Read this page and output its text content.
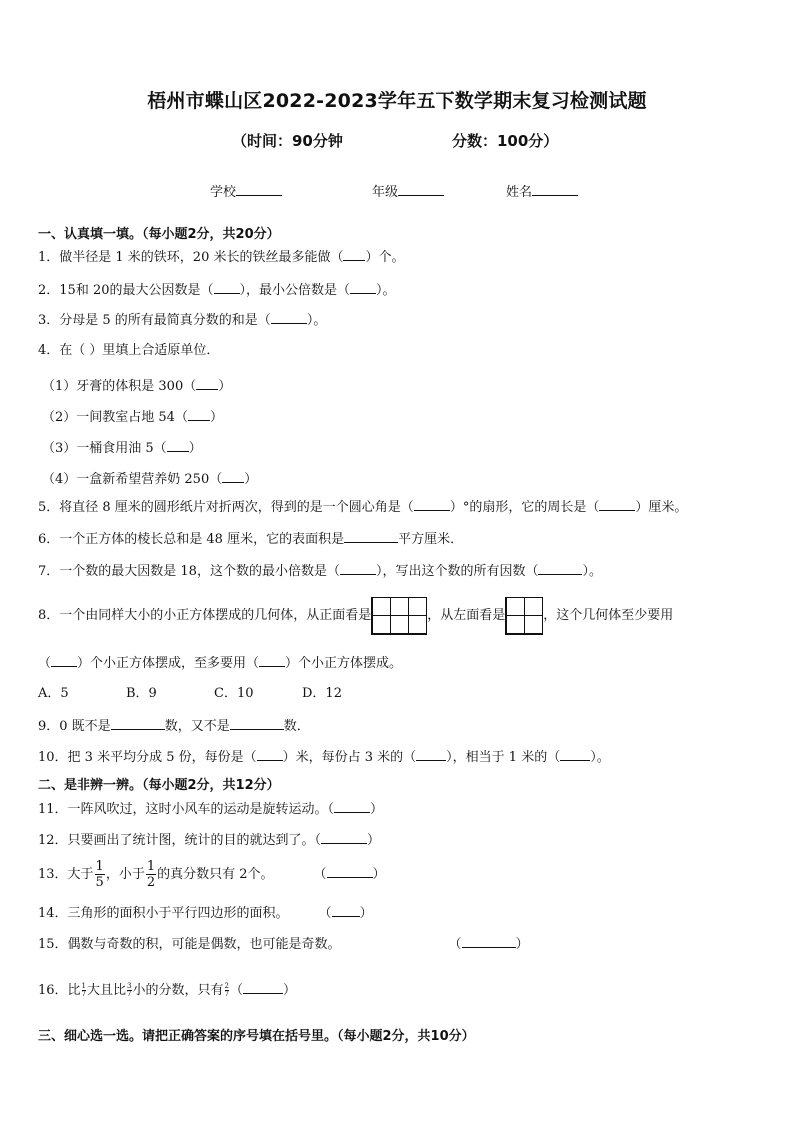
梧州市蝶山区2022-2023学年五下数学期末复习检测试题
（时间：90分钟	分数：100分）
学校	年级	姓名
一、认真填一填。（每小题2分，共20分）
1．做半径是 1 米的铁环，20 米长的铁丝最多能做（ ）个。
2．15和 20的最大公因数是（ ），最小公倍数是（ ）。
3．分母是 5 的所有最简真分数的和是（	）。
4．在（ ）里填上合适原单位．
（1）牙膏的体积是 300（ ）
（2）一间教室占地 54（ ）
（3）一桶食用油 5（ ）
（4）一盒新希望营养奶 250（ ）
5．将直径 8 厘米的圆形纸片对折两次，得到的是一个圆心角是（	）°的扇形，它的周长是（	）厘米。
6．一个正方体的棱长总和是 48 厘米，它的表面积是	平方厘米．
7．一个数的最大因数是 18，这个数的最小倍数是（	），写出这个数的所有因数（	）。
8．一个由同样大小的小正方体摆成的几何体，从正面看是	，从左面看是	，这个几何体至少要用
（ ）个小正方体摆成，至多要用（ ）个小正方体摆成。
A．5	B．9	C．10	D．12
9．0 既不是	数，又不是	数．
10．把 3 米平均分成 5 份，每份是（ ）米，每份占 3 米的（ ），相当于 1 米的（ ）。
二、是非辨一辨。（每小题2分，共12分）
11．一阵风吹过，这时小风车的运动是旋转运动。（	）
12．只要画出了统计图，统计的目的就达到了。（	）
13．大于 $\frac{1}{5}$ ，小于 $\frac{1}{2}$ 的真分数只有 2个。	（	）
14．三角形的面积小于平行四边形的面积。 （ ）
15．偶数与奇数的积，可能是偶数，也可能是奇数。	（	）
16．比 $\frac{1}{7}$ 大且比 $\frac{3}{7}$ 小的分数，只有 $\frac{2}{7}$ （	）
三、细心选一选。请把正确答案的序号填在括号里。（每小题2分，共10分）
